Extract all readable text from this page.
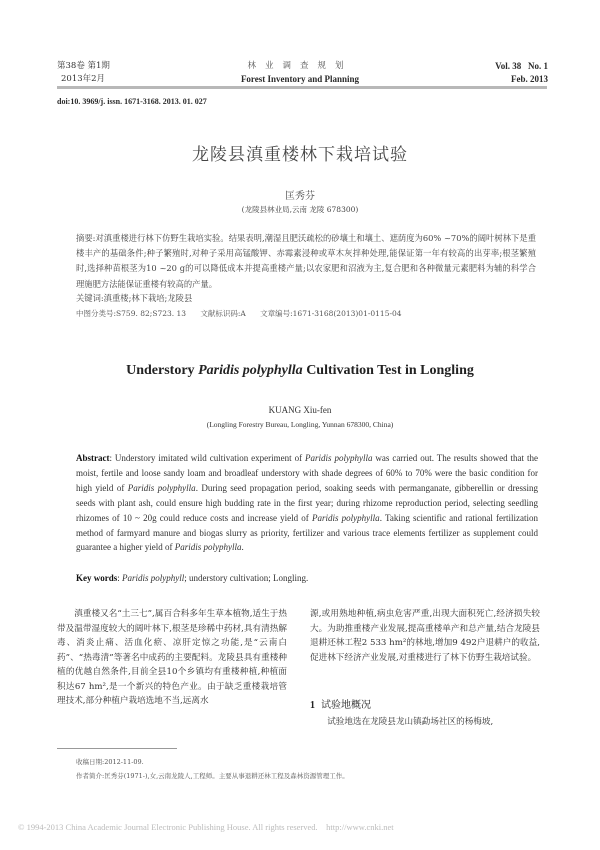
第38卷 第1期
2013年2月
林业调查规划
Forest Inventory and Planning
Vol. 38   No. 1
Feb. 2013
doi:10. 3969/j. issn. 1671-3168. 2013. 01. 027
龙陵县滇重楼林下栽培试验
匡秀芬
(龙陵县林业局,云南 龙陵 678300)
摘要:对滇重楼进行林下仿野生栽培实验。结果表明,潮湿且肥沃疏松的砂壤土和壤土、遮荫度为60% ~70%的阔叶树林下是重楼丰产的基础条件;种子繁殖时,对种子采用高锰酸钾、赤霉素浸种或草木灰拌种处理,能保证第一年有较高的出芽率;根茎繁殖时,选择种苗根茎为10 ~20 g的可以降低成本并提高重楼产量;以农家肥和沼液为主,复合肥和各种微量元素肥料为辅的科学合理施肥方法能保证重楼有较高的产量。
关键词:滇重楼;林下栽培;龙陵县
中图分类号:S759. 82;S723. 13      文献标识码:A      文章编号:1671-3168(2013)01-0115-04
Understory Paridis polyphylla Cultivation Test in Longling
KUANG Xiu-fen
(Longling Forestry Bureau, Longling, Yunnan 678300, China)
Abstract: Understory imitated wild cultivation experiment of Paridis polyphylla was carried out. The results showed that the moist, fertile and loose sandy loam and broadleaf understory with shade degrees of 60% to 70% were the basic condition for high yield of Paridis polyphylla. During seed propagation period, soaking seeds with permanganate, gibberellin or dressing seeds with plant ash, could ensure high budding rate in the first year; during rhizome reproduction period, selecting seedling rhizomes of 10 ~ 20g could reduce costs and increase yield of Paridis polyphylla. Taking scientific and rational fertilization method of farmyard manure and biogas slurry as priority, fertilizer and various trace elements fertilizer as supplement could guarantee a higher yield of Paridis polyphylla.
Key words: Paridis polyphyll; understory cultivation; Longling.

滇重楼又名“土三七”,属百合科多年生草本植物,适生于热带及温带湿度较大的阔叶林下,根茎是珍稀中药材,具有清热解毒、消炎止痛、活血化瘀、凉肝定惊之功能,是“云南白药”、“热毒清”等著名中成药的主要配料。龙陵县具有重楼种植的优越自然条件,目前全县10个乡镇均有重楼种植,种植面积达67 hm²,是一个新兴的特色产业。由于缺乏重楼栽培管理技术,部分种植户栽培选地不当,远离水

源,或用熟地种植,病虫危害严重,出现大面积死亡,经济损失较大。为助推重楼产业发展,提高重楼单产和总产量,结合龙陵县退耕还林工程2 533 hm²的林地,增加9 492户退耕户的收益,促进林下经济产业发展,对重楼进行了林下仿野生栽培试验。

1 试验地概况

试验地选在龙陵县龙山镇勐场社区的杨梅坡,

收稿日期:2012-11-09.
作者简介:匡秀芬(1971-),女,云南龙陵人,工程师。主要从事退耕还林工程及森林资源管理工作。
© 1994-2013 China Academic Journal Electronic Publishing House. All rights reserved.    http://www.cnki.net
